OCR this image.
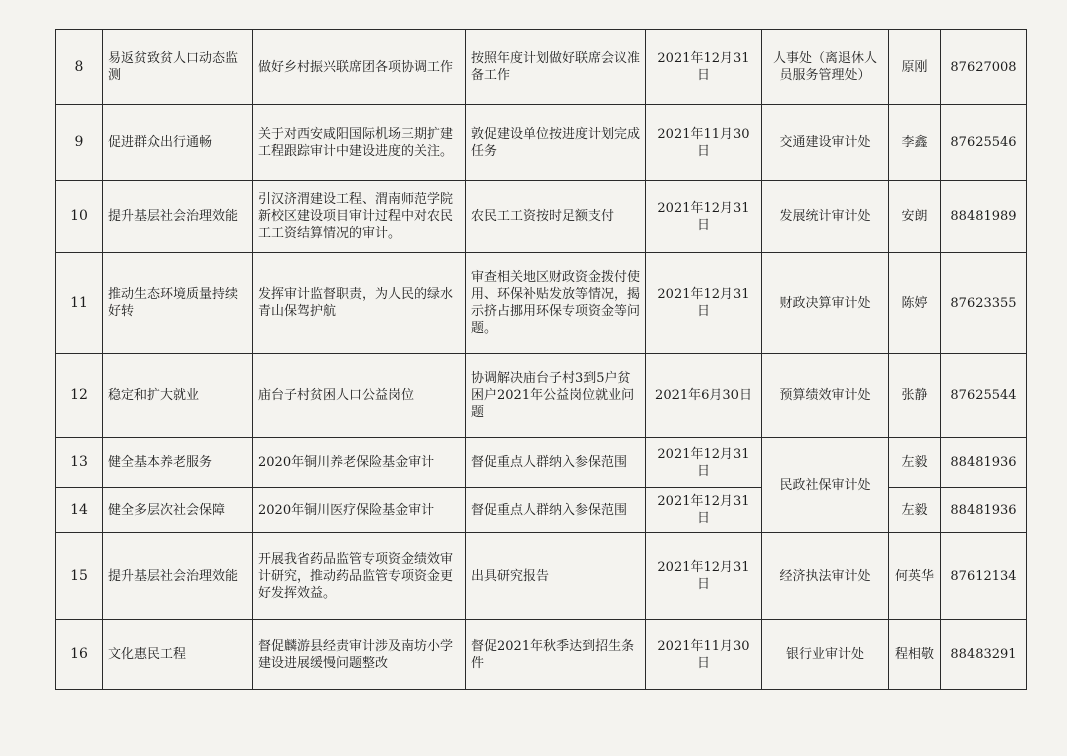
8	易返贫致贫人口动态监测	做好乡村振兴联席团各项协调工作	按照年度计划做好联席会议准备工作	2021年12月31日	人事处（离退休人员服务管理处）	原刚	87627008
9	促进群众出行通畅	关于对西安咸阳国际机场三期扩建工程跟踪审计中建设进度的关注。	敦促建设单位按进度计划完成任务	2021年11月30日	交通建设审计处	李鑫	87625546
10	提升基层社会治理效能	引汉济渭建设工程、渭南师范学院新校区建设项目审计过程中对农民工工资结算情况的审计。	农民工工资按时足额支付	2021年12月31日	发展统计审计处	安朗	88481989
11	推动生态环境质量持续好转	发挥审计监督职责，为人民的绿水青山保驾护航	审查相关地区财政资金拨付使用、环保补贴发放等情况，揭示挤占挪用环保专项资金等问题。	2021年12月31日	财政决算审计处	陈婷	87623355
12	稳定和扩大就业	庙台子村贫困人口公益岗位	协调解决庙台子村3到5户贫困户2021年公益岗位就业问题	2021年6月30日	预算绩效审计处	张静	87625544
13	健全基本养老服务	2020年铜川养老保险基金审计	督促重点人群纳入参保范围	2021年12月31日	民政社保审计处	左毅	88481936
14	健全多层次社会保障	2020年铜川医疗保险基金审计	督促重点人群纳入参保范围	2021年12月31日		左毅	88481936
15	提升基层社会治理效能	开展我省药品监管专项资金绩效审计研究，推动药品监管专项资金更好发挥效益。	出具研究报告	2021年12月31日	经济执法审计处	何英华	87612134
16	文化惠民工程	督促麟游县经责审计涉及南坊小学建设进展缓慢问题整改	督促2021年秋季达到招生条件	2021年11月30日	银行业审计处	程相敬	88483291
